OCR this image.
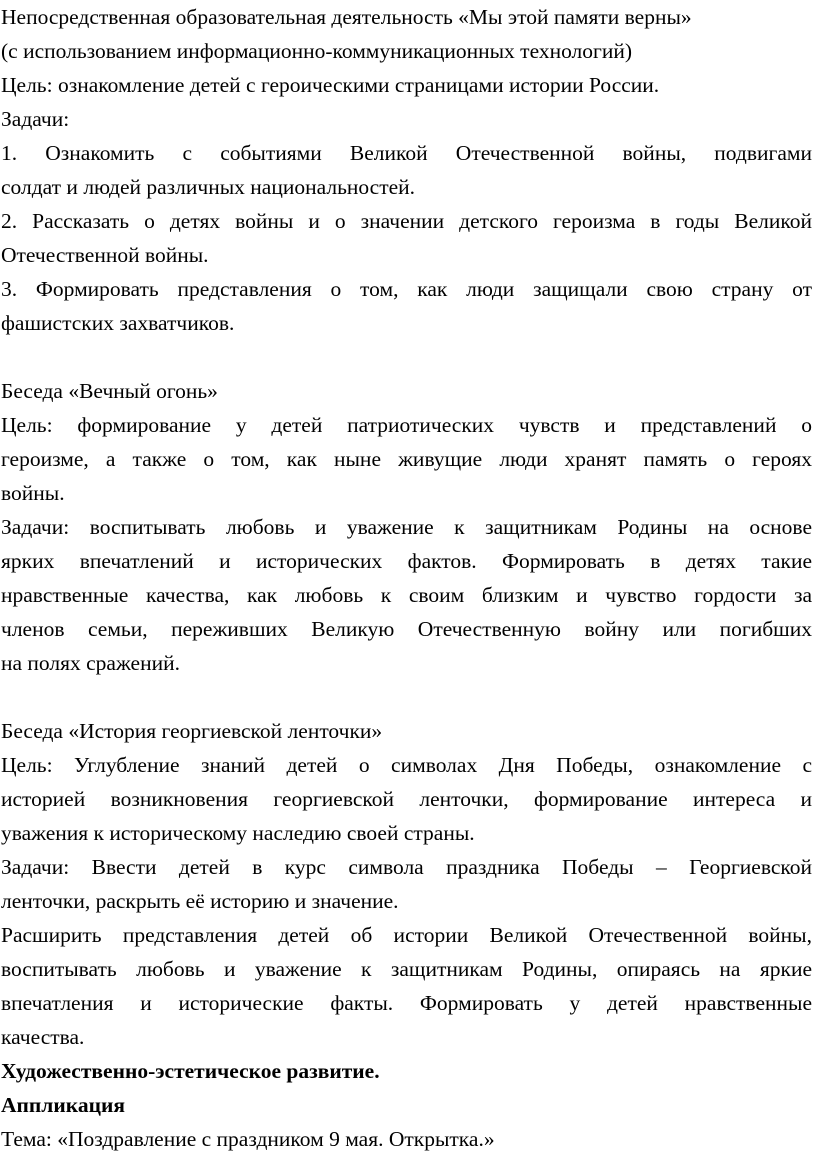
Непосредственная образовательная деятельность «Мы этой памяти верны»

(с использованием информационно-коммуникационных технологий)

Цель: ознакомление детей с героическими страницами истории России.

Задачи:

1. Ознакомить с событиями Великой Отечественной войны, подвигами

солдат и людей различных национальностей.

2. Рассказать о детях войны и о значении детского героизма в годы Великой

Отечественной войны.

3. Формировать представления о том, как люди защищали свою страну от

фашистских захватчиков.

Беседа «Вечный огонь»

Цель: формирование у детей патриотических чувств и представлений о

героизме, а также о том, как ныне живущие люди хранят память о героях

войны.

Задачи: воспитывать любовь и уважение к защитникам Родины на основе

ярких впечатлений и исторических фактов. Формировать в детях такие

нравственные качества, как любовь к своим близким и чувство гордости за

членов семьи, переживших Великую Отечественную войну или погибших

на полях сражений.

Беседа «История георгиевской ленточки»

Цель: Углубление знаний детей о символах Дня Победы, ознакомление с

историей возникновения георгиевской ленточки, формирование интереса и

уважения к историческому наследию своей страны.

Задачи: Ввести детей в курс символа праздника Победы – Георгиевской

ленточки, раскрыть её историю и значение.

Расширить представления детей об истории Великой Отечественной войны,

воспитывать любовь и уважение к защитникам Родины, опираясь на яркие

впечатления и исторические факты. Формировать у детей нравственные

качества.

Художественно-эстетическое развитие.

Аппликация

Тема: «Поздравление с праздником 9 мая. Открытка.»
